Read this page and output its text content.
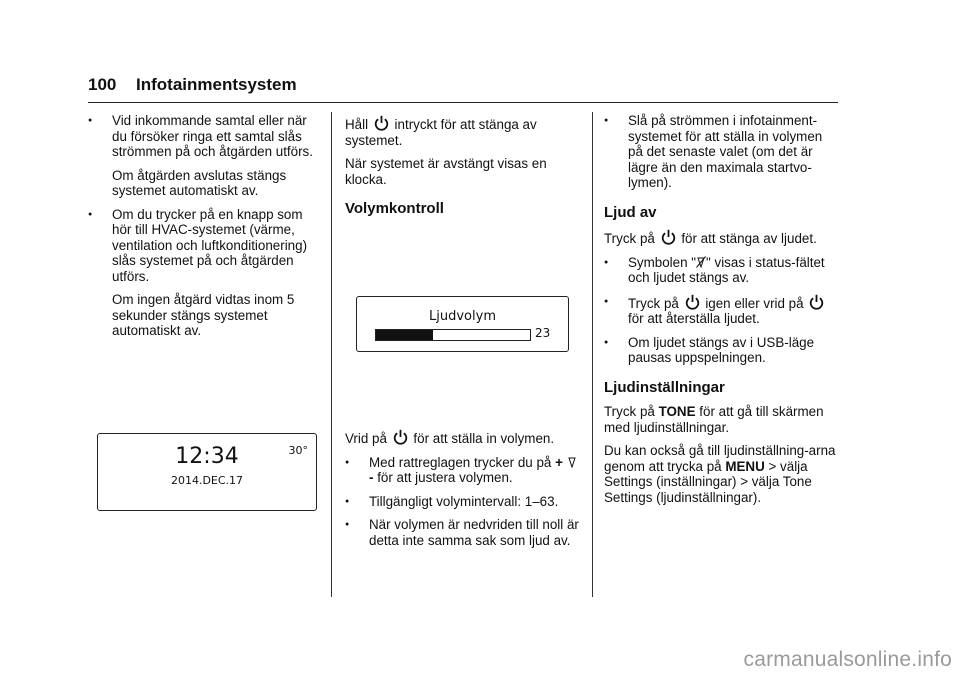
100 Infotainmentsystem
● Vid inkommande samtal eller när du försöker ringa ett samtal slås strömmen på och åtgärden utförs.

Om åtgärden avslutas stängs systemet automatiskt av.

● Om du trycker på en knapp som hör till HVAC-systemet (värme, ventilation och luftkonditionering) slås systemet på och åtgärden utförs.

Om ingen åtgärd vidtas inom 5 sekunder stängs systemet automatiskt av.

12:34
2014.DEC.17
30°

Håll intryckt för att stänga av systemet.

När systemet är avstängt visas en klocka.

Volymkontroll
Ljudvolym
23

Vrid på för att ställa in volymen.

● Med rattreglagen trycker du på +  - för att justera volymen.
● Tillgängligt volymintervall: 1–63.
● När volymen är nedvriden till noll är detta inte samma sak som ljud av.
● Slå på strömmen i infotainment-systemet för att ställa in volymen på det senaste valet (om det är lägre än den maximala startvo-lymen).
Ljud av

Tryck på för att stänga av ljudet.

● Symbolen " " visas i status-fältet och ljudet stängs av.
● Tryck på igen eller vrid på
för att återställa ljudet.
● Om ljudet stängs av i USB-läge pausas uppspelningen.
Ljudinställningar

Tryck på TONE för att gå till skärmen med ljudinställningar.

Du kan också gå till ljudinställning-arna genom att trycka på MENU > välja Settings (inställningar) > välja Tone Settings (ljudinställningar).

carmanualsonline.info
